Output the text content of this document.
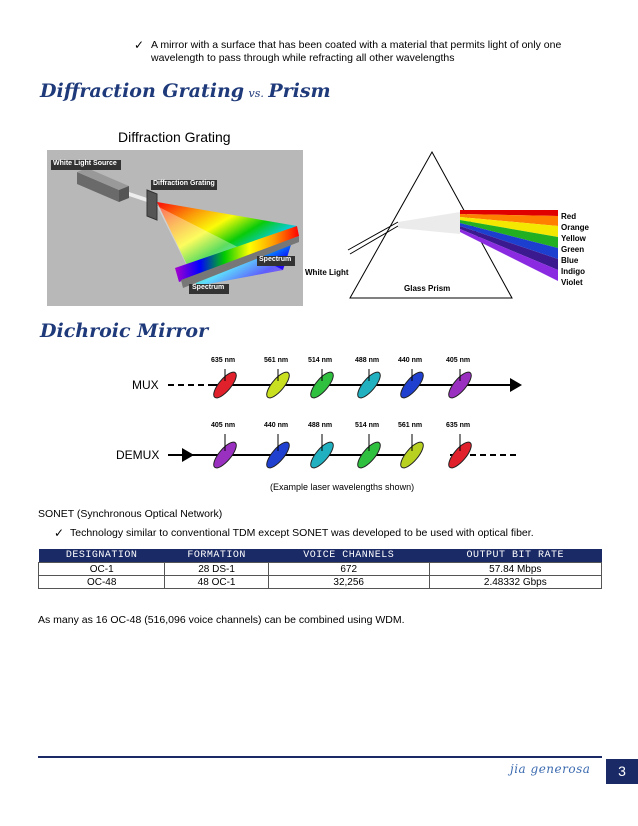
✓ A mirror with a surface that has been coated with a material that permits light of only one wavelength to pass through while refracting all other wavelengths
Diffraction Grating vs. Prism
Diffraction Grating
White Light Source
Diffraction Grating
Spectrum
Spectrum
White Light
Glass Prism
Red
Orange
Yellow
Green
Blue
Indigo
Violet
Dichroic Mirror
MUX
DEMUX
635 nm	561 nm	514 nm	488 nm	440 nm	405 nm
405 nm	440 nm	488 nm	514 nm	561 nm	635 nm
(Example laser wavelengths shown)
SONET (Synchronous Optical Network)
✓ Technology similar to conventional TDM except SONET was developed to be used with optical fiber.
DESIGNATION	FORMATION	VOICE CHANNELS	OUTPUT BIT RATE
OC-1	28 DS-1	672	57.84 Mbps
OC-48	48 OC-1	32,256	2.48332 Gbps
As many as 16 OC-48 (516,096 voice channels) can be combined using WDM.
jia generosa	3
